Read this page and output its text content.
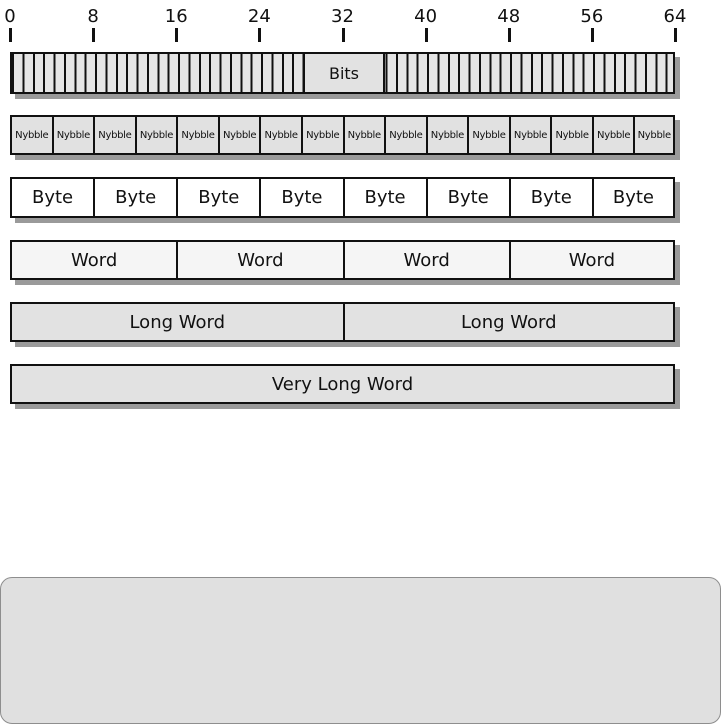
0	8	16	24	32	40	48	56	64
Bits
Nybble Nybble Nybble Nybble Nybble Nybble Nybble Nybble Nybble Nybble Nybble Nybble Nybble Nybble Nybble Nybble
Byte	Byte	Byte	Byte	Byte	Byte	Byte	Byte
Word	Word	Word	Word
Long Word	Long Word
Very Long Word
